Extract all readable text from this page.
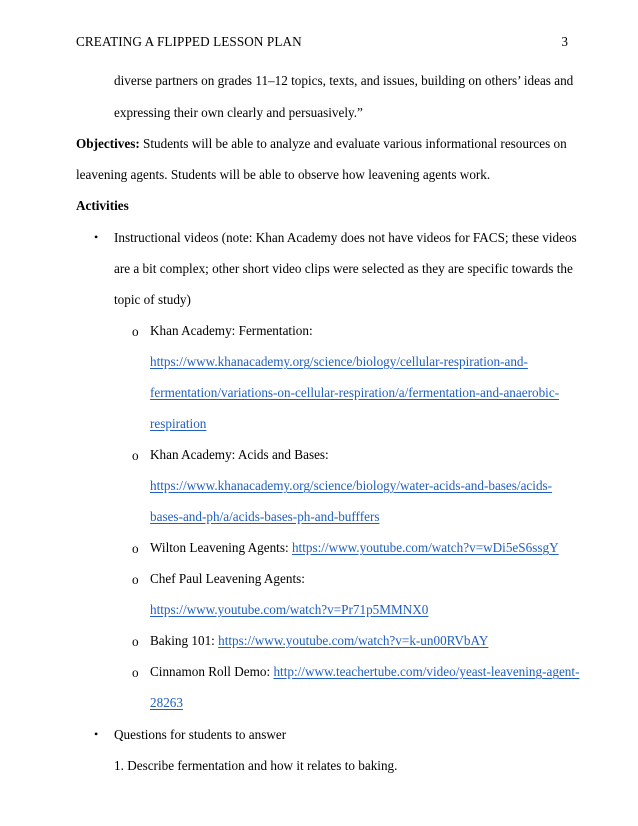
CREATING A FLIPPED LESSON PLAN	3
diverse partners on grades 11–12 topics, texts, and issues, building on others’ ideas and
expressing their own clearly and persuasively.”
Objectives: Students will be able to analyze and evaluate various informational resources on
leavening agents. Students will be able to observe how leavening agents work.
Activities
• Instructional videos (note: Khan Academy does not have videos for FACS; these videos
are a bit complex; other short video clips were selected as they are specific towards the
topic of study)
o Khan Academy: Fermentation:
https://www.khanacademy.org/science/biology/cellular-respiration-and-
fermentation/variations-on-cellular-respiration/a/fermentation-and-anaerobic-
respiration
o Khan Academy: Acids and Bases:
https://www.khanacademy.org/science/biology/water-acids-and-bases/acids-
bases-and-ph/a/acids-bases-ph-and-bufffers
o Wilton Leavening Agents: https://www.youtube.com/watch?v=wDi5eS6ssgY
o Chef Paul Leavening Agents:
https://www.youtube.com/watch?v=Pr71p5MMNX0
o Baking 101: https://www.youtube.com/watch?v=k-un00RVbAY
o Cinnamon Roll Demo: http://www.teachertube.com/video/yeast-leavening-agent-
28263
• Questions for students to answer
1. Describe fermentation and how it relates to baking.
